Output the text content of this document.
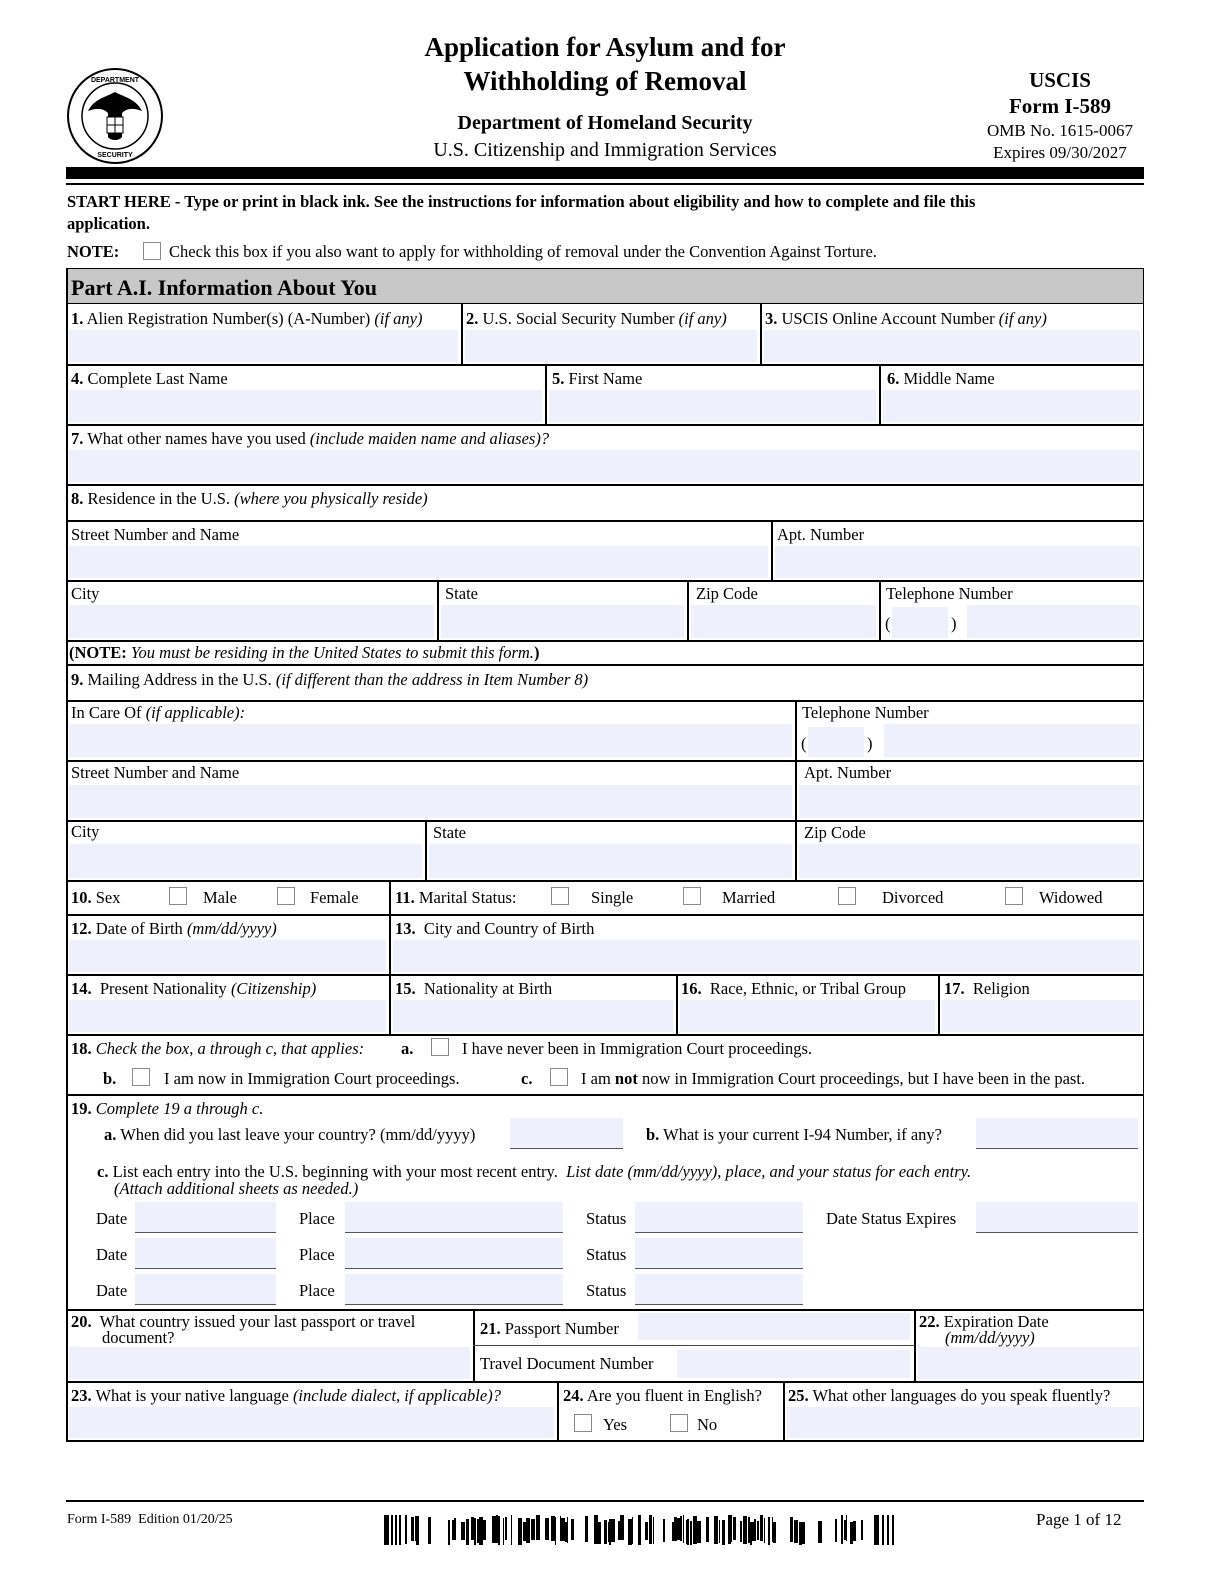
DEPARTMENT
SECURITY
Application for Asylum and for
Withholding of Removal
Department of Homeland Security
U.S. Citizenship and Immigration Services
USCIS
Form I-589
OMB No. 1615-0067
Expires 09/30/2027
START HERE - Type or print in black ink. See the instructions for information about eligibility and how to complete and file this
application.
NOTE:	Check this box if you also want to apply for withholding of removal under the Convention Against Torture.
Part A.I. Information About You
1. Alien Registration Number(s) (A-Number) (if any)	2. U.S. Social Security Number (if any) 3. USCIS Online Account Number (if any)
4. Complete Last Name	5. First Name	6. Middle Name
7. What other names have you used (include maiden name and aliases)?
8. Residence in the U.S. (where you physically reside)
Street Number and Name	Apt. Number
City	State	Zip Code	Telephone Number
(	)
(NOTE: You must be residing in the United States to submit this form.)
9. Mailing Address in the U.S. (if different than the address in Item Number 8)
In Care Of (if applicable):	Telephone Number
(	)
Street Number and Name	Apt. Number
City	State	Zip Code
10. Sex	Male	Female 11. Marital Status:	Single	Married	Divorced	Widowed
12. Date of Birth (mm/dd/yyyy)	13. City and Country of Birth
14. Present Nationality (Citizenship)	15. Nationality at Birth	16. Race, Ethnic, or Tribal Group 17. Religion
18. Check the box, a through c, that applies: a.	I have never been in Immigration Court proceedings.
b.	I am now in Immigration Court proceedings.	c.	I am not now in Immigration Court proceedings, but I have been in the past.
19. Complete 19 a through c.
a. When did you last leave your country? (mm/dd/yyyy)	b. What is your current I-94 Number, if any?
c. List each entry into the U.S. beginning with your most recent entry. List date (mm/dd/yyyy), place, and your status for each entry.
(Attach additional sheets as needed.)
Date	Place	Status	Date Status Expires
Date	Place	Status
Date	Place	Status
20. What country issued your last passport or travel
document?	21. Passport Number
Travel Document Number
22. Expiration Date
(mm/dd/yyyy)
23. What is your native language (include dialect, if applicable)?	24. Are you fluent in English?
Yes	No
25. What other languages do you speak fluently?
Form I-589 Edition 01/20/25	Page 1 of 12
